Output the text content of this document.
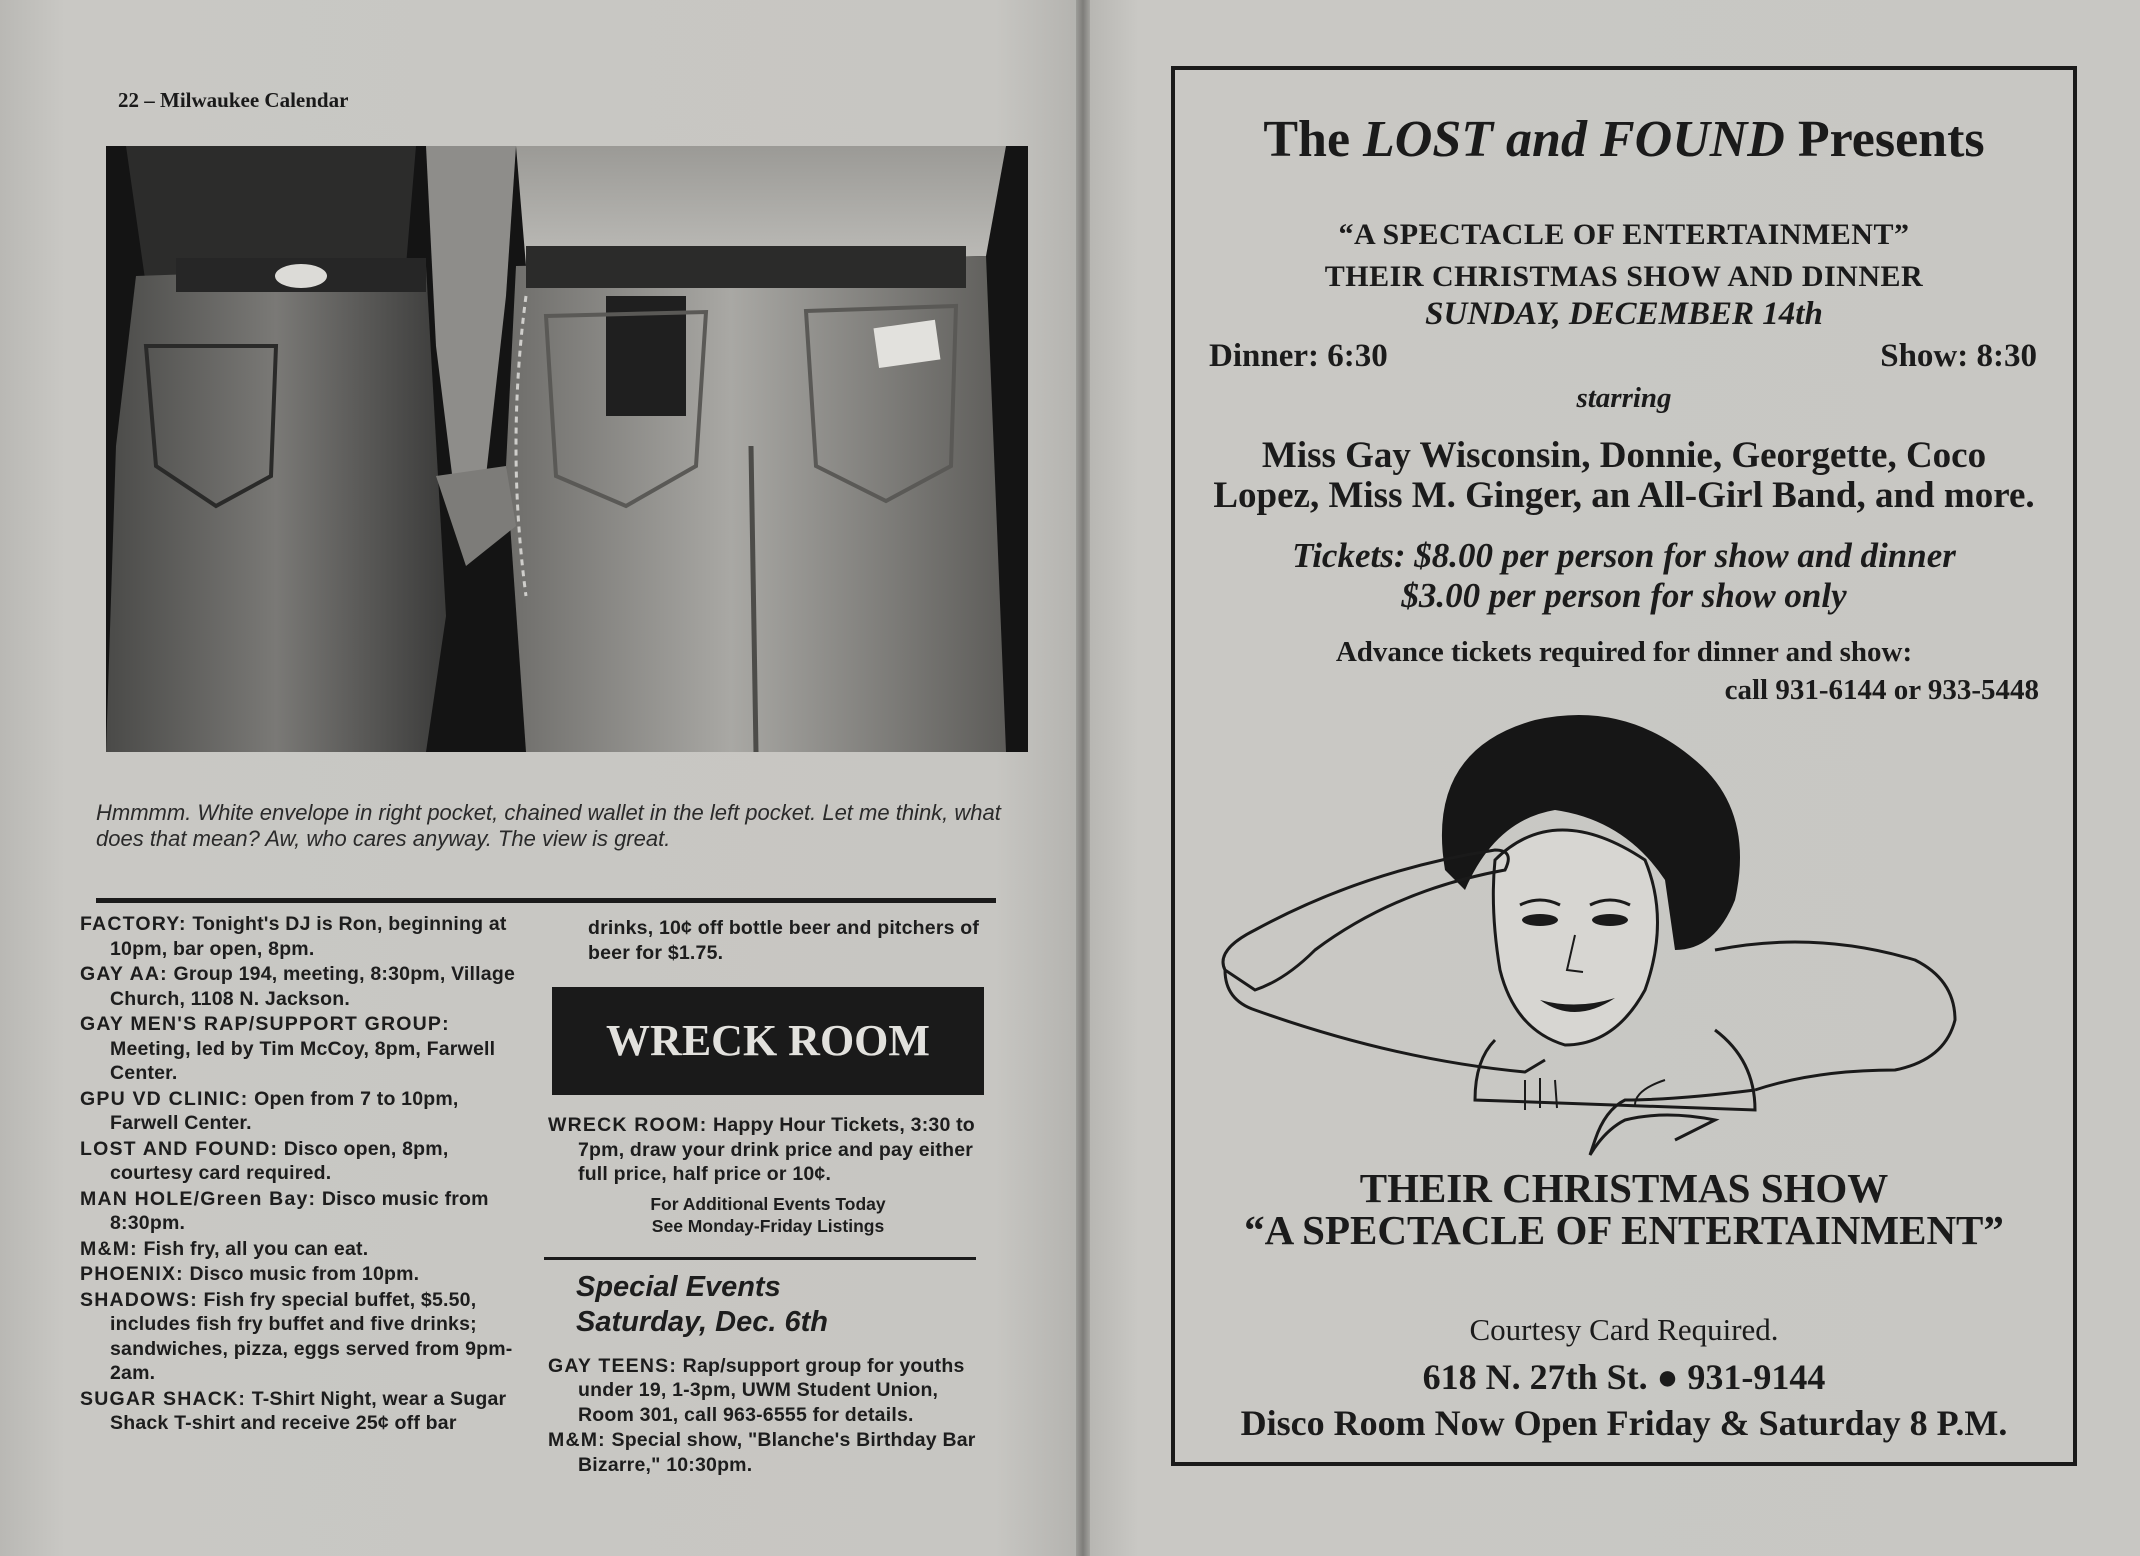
22 – Milwaukee Calendar
Hmmmm. White envelope in right pocket, chained wallet in the left pocket. Let me think, what does that mean? Aw, who cares anyway. The view is great.
FACTORY: Tonight's DJ is Ron, beginning at 10pm, bar open, 8pm.
GAY AA: Group 194, meeting, 8:30pm, Village Church, 1108 N. Jackson.
GAY MEN'S RAP/SUPPORT GROUP: Meeting, led by Tim McCoy, 8pm, Farwell Center.
GPU VD CLINIC: Open from 7 to 10pm, Farwell Center.
LOST AND FOUND: Disco open, 8pm, courtesy card required.
MAN HOLE/Green Bay: Disco music from 8:30pm.
M&M: Fish fry, all you can eat.
PHOENIX: Disco music from 10pm.
SHADOWS: Fish fry special buffet, $5.50, includes fish fry buffet and five drinks; sandwiches, pizza, eggs served from 9pm-2am.
SUGAR SHACK: T-Shirt Night, wear a Sugar Shack T-shirt and receive 25¢ off bar
drinks, 10¢ off bottle beer and pitchers of beer for $1.75.
WRECK ROOM
WRECK ROOM: Happy Hour Tickets, 3:30 to 7pm, draw your drink price and pay either full price, half price or 10¢.
For Additional Events Today
See Monday-Friday Listings
Special Events
Saturday, Dec. 6th
GAY TEENS: Rap/support group for youths under 19, 1-3pm, UWM Student Union, Room 301, call 963-6555 for details.
M&M: Special show, "Blanche's Birthday Bar Bizarre," 10:30pm.
The LOST and FOUND Presents
“A SPECTACLE OF ENTERTAINMENT”
THEIR CHRISTMAS SHOW AND DINNER
SUNDAY, DECEMBER 14th
Dinner: 6:30	Show: 8:30
starring
Miss Gay Wisconsin, Donnie, Georgette, Coco
Lopez, Miss M. Ginger, an All-Girl Band, and more.
Tickets: $8.00 per person for show and dinner
$3.00 per person for show only
Advance tickets required for dinner and show:
call 931-6144 or 933-5448
THEIR CHRISTMAS SHOW
“A SPECTACLE OF ENTERTAINMENT”
Courtesy Card Required.
618 N. 27th St. ● 931-9144
Disco Room Now Open Friday & Saturday 8 P.M.
